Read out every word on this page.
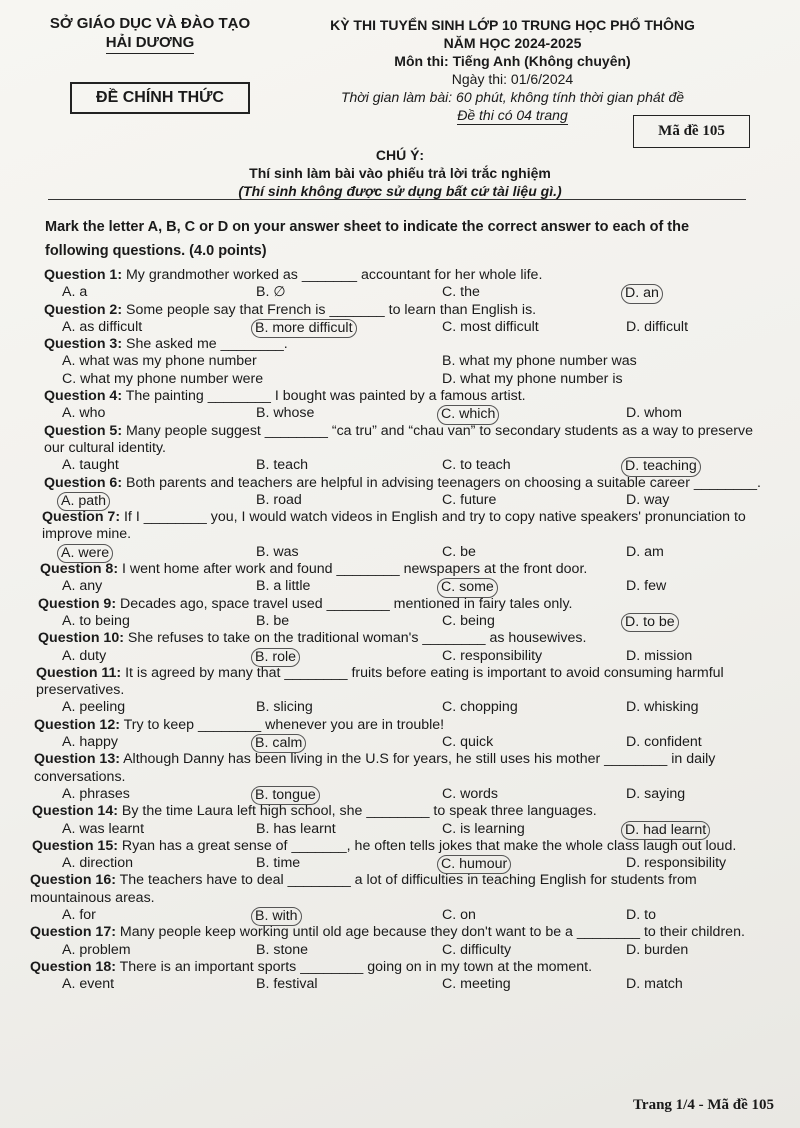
SỞ GIÁO DỤC VÀ ĐÀO TẠO
HẢI DƯƠNG
ĐỀ CHÍNH THỨC
KỲ THI TUYỂN SINH LỚP 10 TRUNG HỌC PHỔ THÔNG
NĂM HỌC 2024-2025
Môn thi: Tiếng Anh (Không chuyên)
Ngày thi: 01/6/2024
Thời gian làm bài: 60 phút, không tính thời gian phát đề
Đề thi có 04 trang
Mã đề 105
CHÚ Ý:
Thí sinh làm bài vào phiếu trả lời trắc nghiệm
(Thí sinh không được sử dụng bất cứ tài liệu gì.)
Mark the letter A, B, C or D on your answer sheet to indicate the correct answer to each of the following questions. (4.0 points)
Question 1: My grandmother worked as _______ accountant for her whole life.
A. a	B. ∅	C. the	D. an
Question 2: Some people say that French is _______ to learn than English is.
A. as difficult	B. more difficult	C. most difficult	D. difficult
Question 3: She asked me ________.
A. what was my phone number	B. what my phone number was
C. what my phone number were	D. what my phone number is
Question 4: The painting ________ I bought was painted by a famous artist.
A. who	B. whose	C. which	D. whom
Question 5: Many people suggest ________ “ca tru” and “chau van” to secondary students as a way to preserve our cultural identity.
A. taught	B. teach	C. to teach	D. teaching
Question 6: Both parents and teachers are helpful in advising teenagers on choosing a suitable career ________.
A. path	B. road	C. future	D. way
Question 7: If I ________ you, I would watch videos in English and try to copy native speakers' pronunciation to improve mine.
A. were	B. was	C. be	D. am
Question 8: I went home after work and found ________ newspapers at the front door.
A. any	B. a little	C. some	D. few
Question 9: Decades ago, space travel used ________ mentioned in fairy tales only.
A. to being	B. be	C. being	D. to be
Question 10: She refuses to take on the traditional woman's ________ as housewives.
A. duty	B. role	C. responsibility	D. mission
Question 11: It is agreed by many that ________ fruits before eating is important to avoid consuming harmful preservatives.
A. peeling	B. slicing	C. chopping	D. whisking
Question 12: Try to keep ________ whenever you are in trouble!
A. happy	B. calm	C. quick	D. confident
Question 13: Although Danny has been living in the U.S for years, he still uses his mother ________ in daily conversations.
A. phrases	B. tongue	C. words	D. saying
Question 14: By the time Laura left high school, she ________ to speak three languages.
A. was learnt	B. has learnt	C. is learning	D. had learnt
Question 15: Ryan has a great sense of _______, he often tells jokes that make the whole class laugh out loud.
A. direction	B. time	C. humour	D. responsibility
Question 16: The teachers have to deal ________ a lot of difficulties in teaching English for students from mountainous areas.
A. for	B. with	C. on	D. to
Question 17: Many people keep working until old age because they don't want to be a ________ to their children.
A. problem	B. stone	C. difficulty	D. burden
Question 18: There is an important sports ________ going on in my town at the moment.
A. event	B. festival	C. meeting	D. match
Trang 1/4 - Mã đề 105
